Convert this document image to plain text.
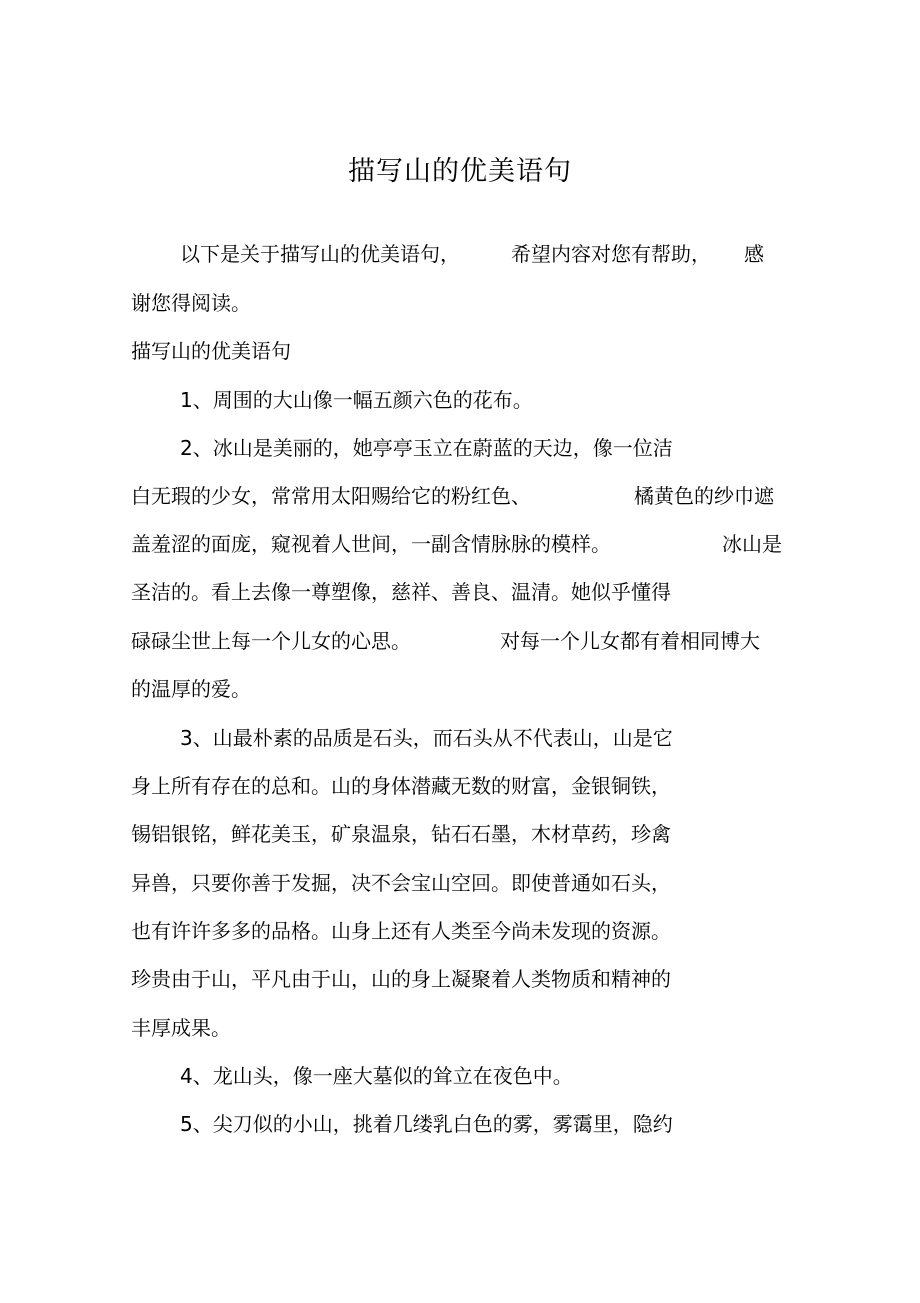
描写山的优美语句
以下是关于描写山的优美语句，	希望内容对您有帮助， 感
谢您得阅读。
描写山的优美语句
1、周围的大山像一幅五颜六色的花布。
2、冰山是美丽的，她亭亭玉立在蔚蓝的天边，像一位洁
白无瑕的少女，常常用太阳赐给它的粉红色、	橘黄色的纱巾遮
盖羞涩的面庞，窥视着人世间，一副含情脉脉的模样。	冰山是
圣洁的。看上去像一尊塑像，慈祥、善良、温清。她似乎懂得
碌碌尘世上每一个儿女的心思。	对每一个儿女都有着相同博大
的温厚的爱。
3、山最朴素的品质是石头，而石头从不代表山，山是它
身上所有存在的总和。山的身体潜藏无数的财富，金银铜铁，
锡铝银铭，鲜花美玉，矿泉温泉，钻石石墨，木材草药，珍禽
异兽，只要你善于发掘，决不会宝山空回。即使普通如石头，
也有许许多多的品格。山身上还有人类至今尚未发现的资源。
珍贵由于山，平凡由于山，山的身上凝聚着人类物质和精神的
丰厚成果。
4、龙山头，像一座大墓似的耸立在夜色中。
5、尖刀似的小山，挑着几缕乳白色的雾，雾霭里，隐约
